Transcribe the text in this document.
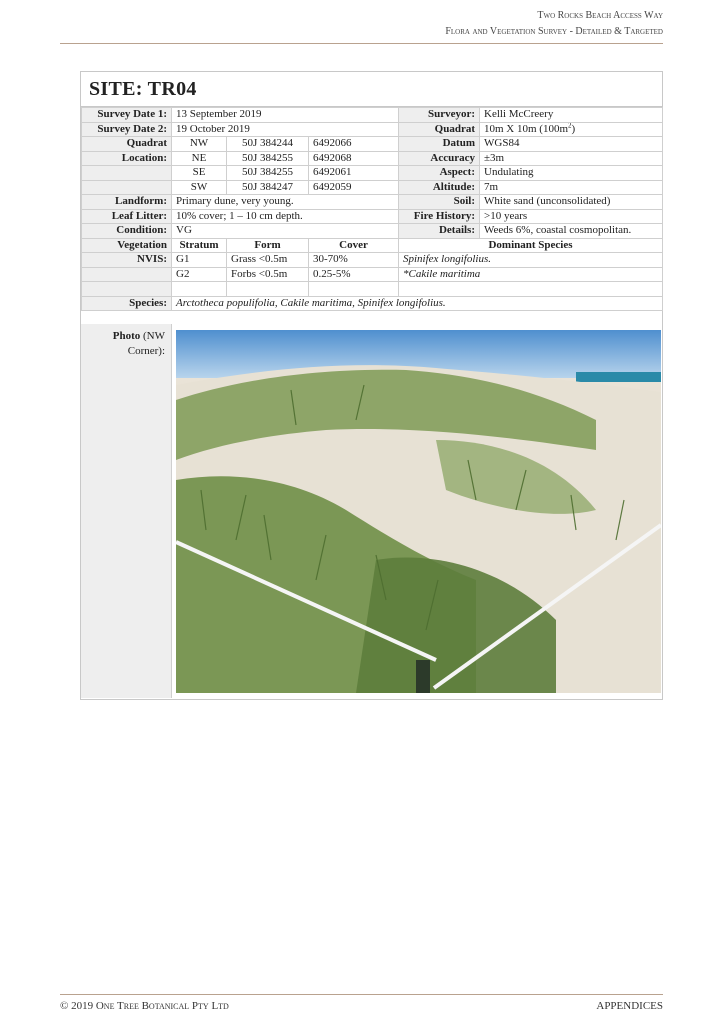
Two Rocks Beach Access Way
Flora and Vegetation Survey - Detailed & Targeted
SITE: TR04
Survey Date 1:	13 September 2019			Surveyor:	Kelli McCreery
Survey Date 2:	19 October 2019			Quadrat	10m X 10m $(100m^2)$
Quadrat	NW	50J 384244	6492066	Datum	WGS84
Location:	NE	50J 384255	6492068	Accuracy	±3m
	SE	50J 384255	6492061	Aspect:	Undulating
	SW	50J 384247	6492059	Altitude:	7m
Landform:	Primary dune, very young.			Soil:	White sand (unconsolidated)
Leaf Litter:	10% cover; 1 – 10 cm depth.			Fire History:	>10 years
Condition:	VG			Details:	Weeds 6%, coastal cosmopolitan.
Vegetation	Stratum	Form	Cover	Dominant Species	
NVIS:	G1	Grass <0.5m	30-70%	Spinifex longifolius.	
	G2	Forbs <0.5m	0.25-5%	*Cakile maritima	

Species:	Arctotheca populifolia, Cakile maritima, Spinifex longifolius.				
Photo (NW
Corner):
© 2019 One Tree Botanical Pty Ltd	APPENDICES
